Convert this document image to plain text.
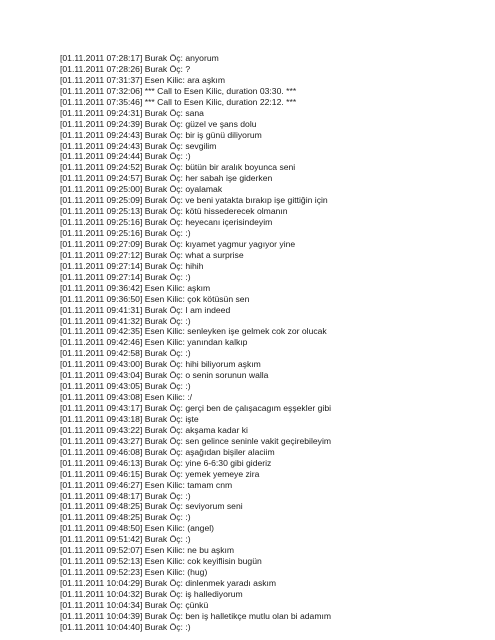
[01.11.2011 07:28:17] Burak Öç: anyorum
[01.11.2011 07:28:26] Burak Öç: ?
[01.11.2011 07:31:37] Esen Kilic: ara aşkım
[01.11.2011 07:32:06] *** Call to Esen Kilic, duration 03:30. ***
[01.11.2011 07:35:46] *** Call to Esen Kilic, duration 22:12. ***
[01.11.2011 09:24:31] Burak Öç: sana
[01.11.2011 09:24:39] Burak Öç: güzel ve şans dolu
[01.11.2011 09:24:43] Burak Öç: bir iş günü diliyorum
[01.11.2011 09:24:43] Burak Öç: sevgilim
[01.11.2011 09:24:44] Burak Öç: :)
[01.11.2011 09:24:52] Burak Öç: bütün bir aralık boyunca seni
[01.11.2011 09:24:57] Burak Öç: her sabah işe giderken
[01.11.2011 09:25:00] Burak Öç: oyalamak
[01.11.2011 09:25:09] Burak Öç: ve beni yatakta bırakıp işe gittiğin için
[01.11.2011 09:25:13] Burak Öç: kötü hissederecek olmanın
[01.11.2011 09:25:16] Burak Öç: heyecanı içerisindeyim
[01.11.2011 09:25:16] Burak Öç: :)
[01.11.2011 09:27:09] Burak Öç: kıyamet yagmur yagıyor yine
[01.11.2011 09:27:12] Burak Öç: what a surprise
[01.11.2011 09:27:14] Burak Öç: hihih
[01.11.2011 09:27:14] Burak Öç: :)
[01.11.2011 09:36:42] Esen Kilic: aşkım
[01.11.2011 09:36:50] Esen Kilic: çok kötüsün sen
[01.11.2011 09:41:31] Burak Öç: I am indeed
[01.11.2011 09:41:32] Burak Öç: :)
[01.11.2011 09:42:35] Esen Kilic: senleyken işe gelmek cok zor olucak
[01.11.2011 09:42:46] Esen Kilic: yanından kalkıp
[01.11.2011 09:42:58] Burak Öç: :)
[01.11.2011 09:43:00] Burak Öç: hihi biliyorum aşkım
[01.11.2011 09:43:04] Burak Öç: o senin sorunun walla
[01.11.2011 09:43:05] Burak Öç: :)
[01.11.2011 09:43:08] Esen Kilic: :/
[01.11.2011 09:43:17] Burak Öç: gerçi ben de çalışacagım eşşekler gibi
[01.11.2011 09:43:18] Burak Öç: işte
[01.11.2011 09:43:22] Burak Öç: akşama kadar ki
[01.11.2011 09:43:27] Burak Öç: sen gelince seninle vakit geçirebileyim
[01.11.2011 09:46:08] Burak Öç: aşağıdan bişiler alaciim
[01.11.2011 09:46:13] Burak Öç: yine 6-6:30 gibi gideriz
[01.11.2011 09:46:15] Burak Öç: yemek yemeye zira
[01.11.2011 09:46:27] Esen Kilic: tamam cnm
[01.11.2011 09:48:17] Burak Öç: :)
[01.11.2011 09:48:25] Burak Öç: seviyorum seni
[01.11.2011 09:48:25] Burak Öç: :)
[01.11.2011 09:48:50] Esen Kilic: (angel)
[01.11.2011 09:51:42] Burak Öç: :)
[01.11.2011 09:52:07] Esen Kilic: ne bu aşkım
[01.11.2011 09:52:13] Esen Kilic: cok keyiflisin bugün
[01.11.2011 09:52:23] Esen Kilic: (hug)
[01.11.2011 10:04:29] Burak Öç: dinlenmek yaradı askım
[01.11.2011 10:04:32] Burak Öç: iş hallediyorum
[01.11.2011 10:04:34] Burak Öç: çünkü
[01.11.2011 10:04:39] Burak Öç: ben iş halletikçe mutlu olan bi adamım
[01.11.2011 10:04:40] Burak Öç: :)
